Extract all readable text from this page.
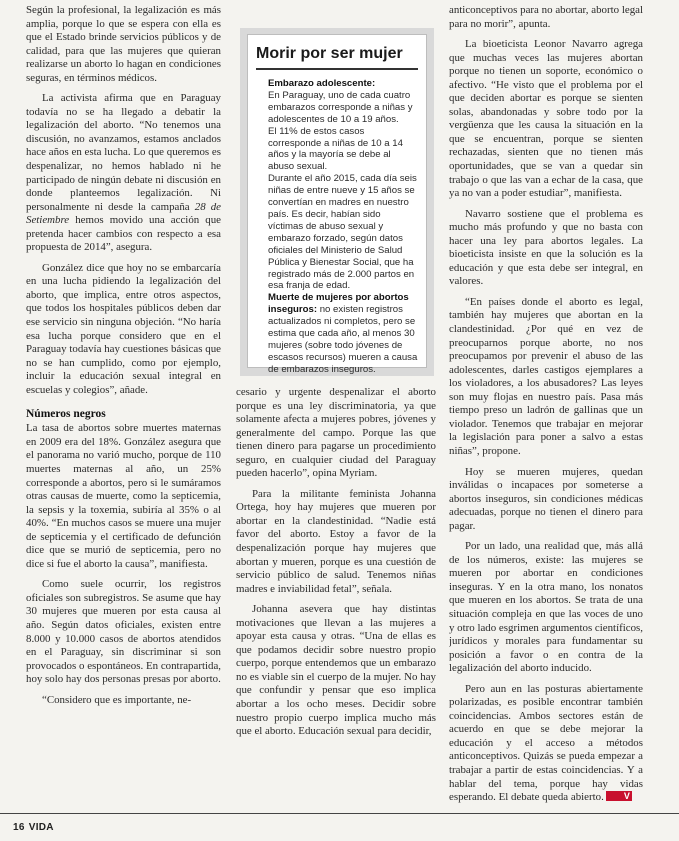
Según la profesional, la legalización es más amplia, porque lo que se espera con ella es que el Estado brinde servicios públicos y de calidad, para que las mujeres que quieran realizarse un aborto lo hagan en condiciones seguras, en términos médicos.

La activista afirma que en Paraguay todavía no se ha llegado a debatir la legalización del aborto. “No tenemos una discusión, no avanzamos, estamos anclados hace años en esta lucha. Lo que queremos es despenalizar, no hemos hablado ni he participado de ningún debate ni discusión en donde planteemos legalización. Ni personalmente ni desde la campaña 28 de Setiembre hemos movido una acción que pretenda hacer cambios con respecto a esa propuesta de 2014”, asegura.

González dice que hoy no se embarcaría en una lucha pidiendo la legalización del aborto, que implica, entre otros aspectos, que todos los hospitales públicos deben dar ese servicio sin ninguna objeción. “No haría esa lucha porque considero que en el Paraguay todavía hay cuestiones básicas que no se han cumplido, como por ejemplo, incluir la educación sexual integral en escuelas y colegios”, añade.

Números negros

La tasa de abortos sobre muertes maternas en 2009 era del 18%. González asegura que el panorama no varió mucho, porque de 110 muertes maternas al año, un 25% corresponde a abortos, pero si le sumáramos otras causas de muerte, como la septicemia, la sepsis y la toxemia, subiría al 35% o al 40%. “En muchos casos se muere una mujer de septicemia y el certificado de defunción dice que se murió de septicemia, pero no dice si fue el aborto la causa”, manifiesta.

Como suele ocurrir, los registros oficiales son subregistros. Se asume que hay 30 mujeres que mueren por esta causa al año. Según datos oficiales, existen entre 8.000 y 10.000 casos de abortos atendidos en el Paraguay, sin discriminar si son provocados o espontáneos. En contrapartida, hoy solo hay dos personas presas por aborto.

“Considero que es importante, ne-

Morir por ser mujer
Embarazo adolescente:
En Paraguay, uno de cada cuatro embarazos corresponde a niñas y adolescentes de 10 a 19 años.
El 11% de estos casos corresponde a niñas de 10 a 14 años y la mayoría se debe al abuso sexual.
Durante el año 2015, cada día seis niñas de entre nueve y 15 años se convertían en madres en nuestro país. Es decir, habían sido víctimas de abuso sexual y embarazo forzado, según datos oficiales del Ministerio de Salud Pública y Bienestar Social, que ha registrado más de 2.000 partos en esa franja de edad.
Muerte de mujeres por abortos inseguros: no existen registros actualizados ni completos, pero se estima que cada año, al menos 30 mujeres (sobre todo jóvenes de escasos recursos) mueren a causa de embarazos inseguros.

cesario y urgente despenalizar el aborto porque es una ley discriminatoria, ya que solamente afecta a mujeres pobres, jóvenes y generalmente del campo. Porque las que tienen dinero para pagarse un procedimiento seguro, en cualquier ciudad del Paraguay pueden hacerlo”, opina Myriam.

Para la militante feminista Johanna Ortega, hoy hay mujeres que mueren por abortar en la clandestinidad. “Nadie está favor del aborto. Estoy a favor de la despenalización porque hay mujeres que abortan y mueren, porque es una cuestión de servicio público de salud. Tenemos niñas madres e inviabilidad fetal”, señala.

Johanna asevera que hay distintas motivaciones que llevan a las mujeres a apoyar esta causa y otras. “Una de ellas es que podamos decidir sobre nuestro propio cuerpo, porque entendemos que un embarazo no es viable sin el cuerpo de la mujer. No hay que confundir y pensar que eso implica abortar a los ocho meses. Decidir sobre nuestro propio cuerpo implica mucho más que el aborto. Educación sexual para decidir,

anticonceptivos para no abortar, aborto legal para no morir”, apunta.

La bioeticista Leonor Navarro agrega que muchas veces las mujeres abortan porque no tienen un soporte, económico o afectivo. “He visto que el problema por el que deciden abortar es porque se sienten solas, abandonadas y sobre todo por la vergüenza que les causa la situación en la que se encuentran, porque se sienten rechazadas, sienten que no tienen más oportunidades, que se van a quedar sin trabajo o que las van a echar de la casa, que ya no van a poder estudiar”, manifiesta.

Navarro sostiene que el problema es mucho más profundo y que no basta con hacer una ley para abortos legales. La bioeticista insiste en que la solución es la educación y que esta debe ser integral, en valores.

“En países donde el aborto es legal, también hay mujeres que abortan en la clandestinidad. ¿Por qué en vez de preocuparnos porque aborte, no nos preocupamos por prevenir el abuso de las adolescentes, darles castigos ejemplares a los violadores, a los abusadores? Las leyes son muy flojas en nuestro país. Pasa más tiempo preso un ladrón de gallinas que un violador. Tenemos que trabajar en mejorar la legislación para poner a salvo a estas niñas”, propone.

Hoy se mueren mujeres, quedan inválidas o incapaces por someterse a abortos inseguros, sin condiciones médicas adecuadas, porque no tienen el dinero para pagar.

Por un lado, una realidad que, más allá de los números, existe: las mujeres se mueren por abortar en condiciones inseguras. Y en la otra mano, los nonatos que mueren en los abortos. Se trata de una situación compleja en que las voces de uno y otro lado esgrimen argumentos científicos, jurídicos y morales para fundamentar su posición a favor o en contra de la legalización del aborto inducido.

Pero aun en las posturas abiertamente polarizadas, es posible encontrar también coincidencias. Ambos sectores están de acuerdo en que se debe mejorar la educación y el acceso a métodos anticonceptivos. Quizás se pueda empezar a trabajar a partir de estas coincidencias. Y a hablar del tema, porque hay vidas esperando. El debate queda abierto. V

16 VIDA
